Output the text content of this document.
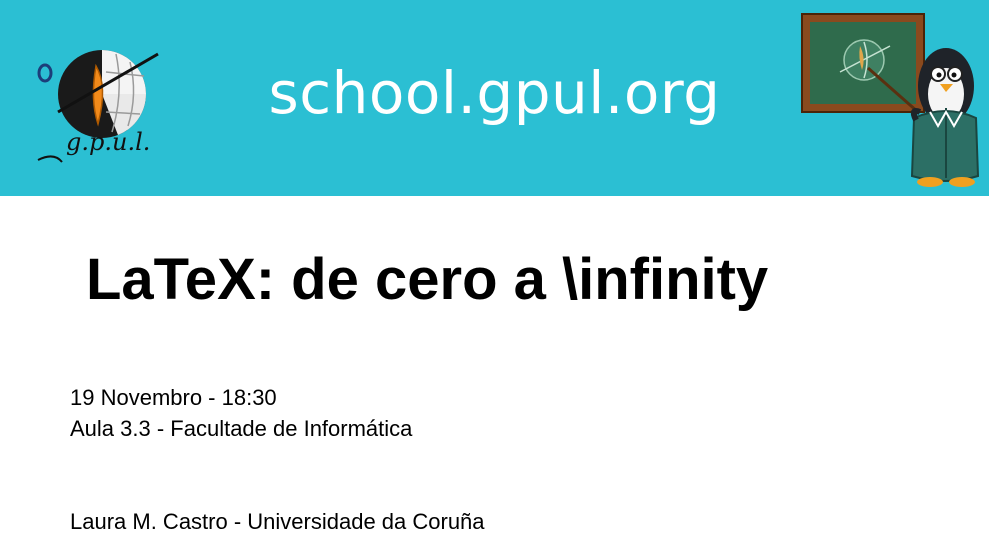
g.p.u.l.
school.gpul.org
LaTeX: de cero a \infinity
19 Novembro - 18:30
Aula 3.3 - Facultade de Informática
Laura M. Castro - Universidade da Coruña
